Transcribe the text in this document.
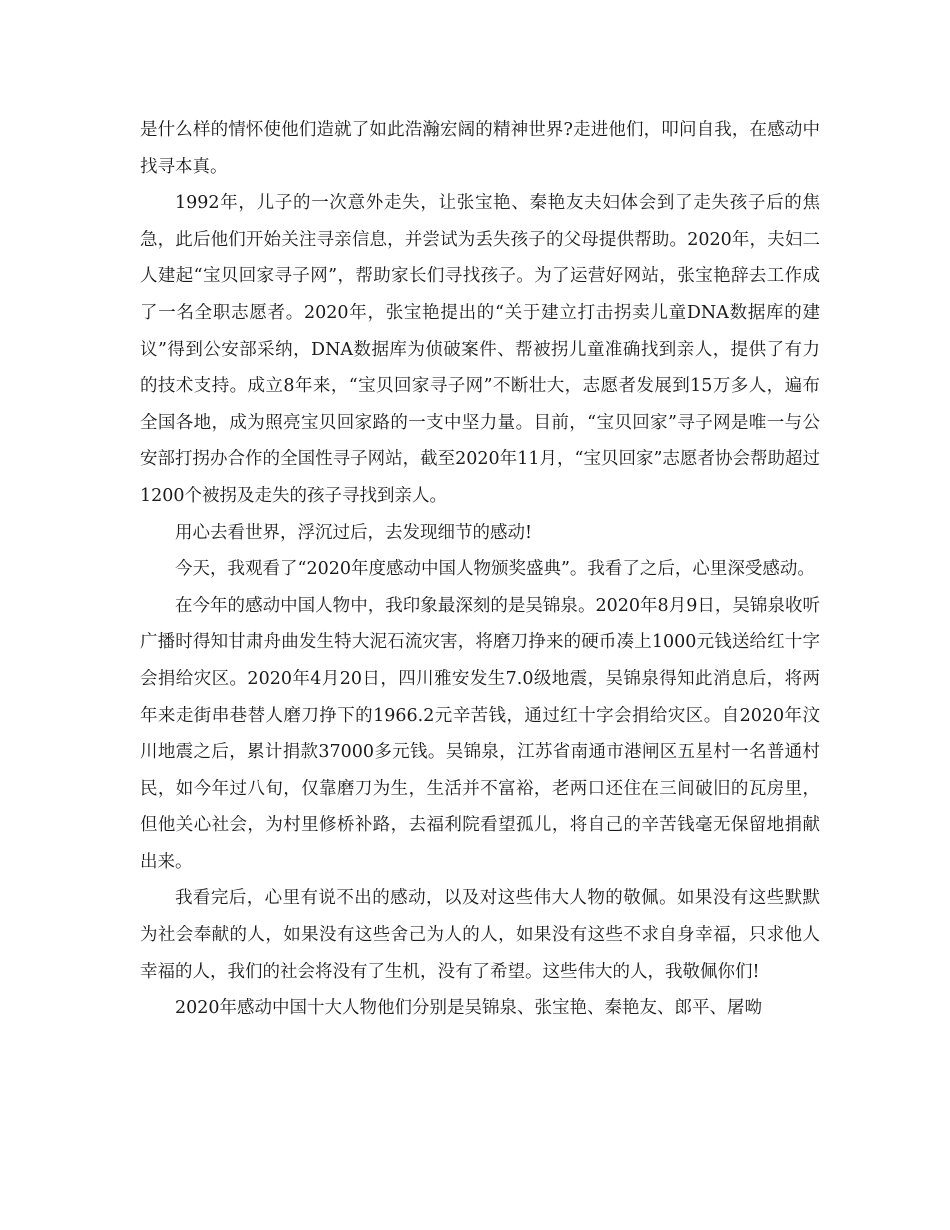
是什么样的情怀使他们造就了如此浩瀚宏阔的精神世界?走进他们，叩问自我，在感动中找寻本真。

1992年，儿子的一次意外走失，让张宝艳、秦艳友夫妇体会到了走失孩子后的焦急，此后他们开始关注寻亲信息，并尝试为丢失孩子的父母提供帮助。2020年，夫妇二人建起“宝贝回家寻子网”，帮助家长们寻找孩子。为了运营好网站，张宝艳辞去工作成了一名全职志愿者。2020年，张宝艳提出的“关于建立打击拐卖儿童DNA数据库的建议”得到公安部采纳，DNA数据库为侦破案件、帮被拐儿童准确找到亲人，提供了有力的技术支持。成立8年来，“宝贝回家寻子网”不断壮大，志愿者发展到15万多人，遍布全国各地，成为照亮宝贝回家路的一支中坚力量。目前，“宝贝回家”寻子网是唯一与公安部打拐办合作的全国性寻子网站，截至2020年11月，“宝贝回家”志愿者协会帮助超过1200个被拐及走失的孩子寻找到亲人。

用心去看世界，浮沉过后，去发现细节的感动!

今天，我观看了“2020年度感动中国人物颁奖盛典”。我看了之后，心里深受感动。

在今年的感动中国人物中，我印象最深刻的是吴锦泉。2020年8月9日，吴锦泉收听广播时得知甘肃舟曲发生特大泥石流灾害，将磨刀挣来的硬币凑上1000元钱送给红十字会捐给灾区。2020年4月20日，四川雅安发生7.0级地震，吴锦泉得知此消息后，将两年来走街串巷替人磨刀挣下的1966.2元辛苦钱，通过红十字会捐给灾区。自2020年汶川地震之后，累计捐款37000多元钱。吴锦泉，江苏省南通市港闸区五星村一名普通村民，如今年过八旬，仅靠磨刀为生，生活并不富裕，老两口还住在三间破旧的瓦房里，但他关心社会，为村里修桥补路，去福利院看望孤儿，将自己的辛苦钱毫无保留地捐献出来。

我看完后，心里有说不出的感动，以及对这些伟大人物的敬佩。如果没有这些默默为社会奉献的人，如果没有这些舍己为人的人，如果没有这些不求自身幸福，只求他人幸福的人，我们的社会将没有了生机，没有了希望。这些伟大的人，我敬佩你们!

2020年感动中国十大人物他们分别是吴锦泉、张宝艳、秦艳友、郎平、屠呦
